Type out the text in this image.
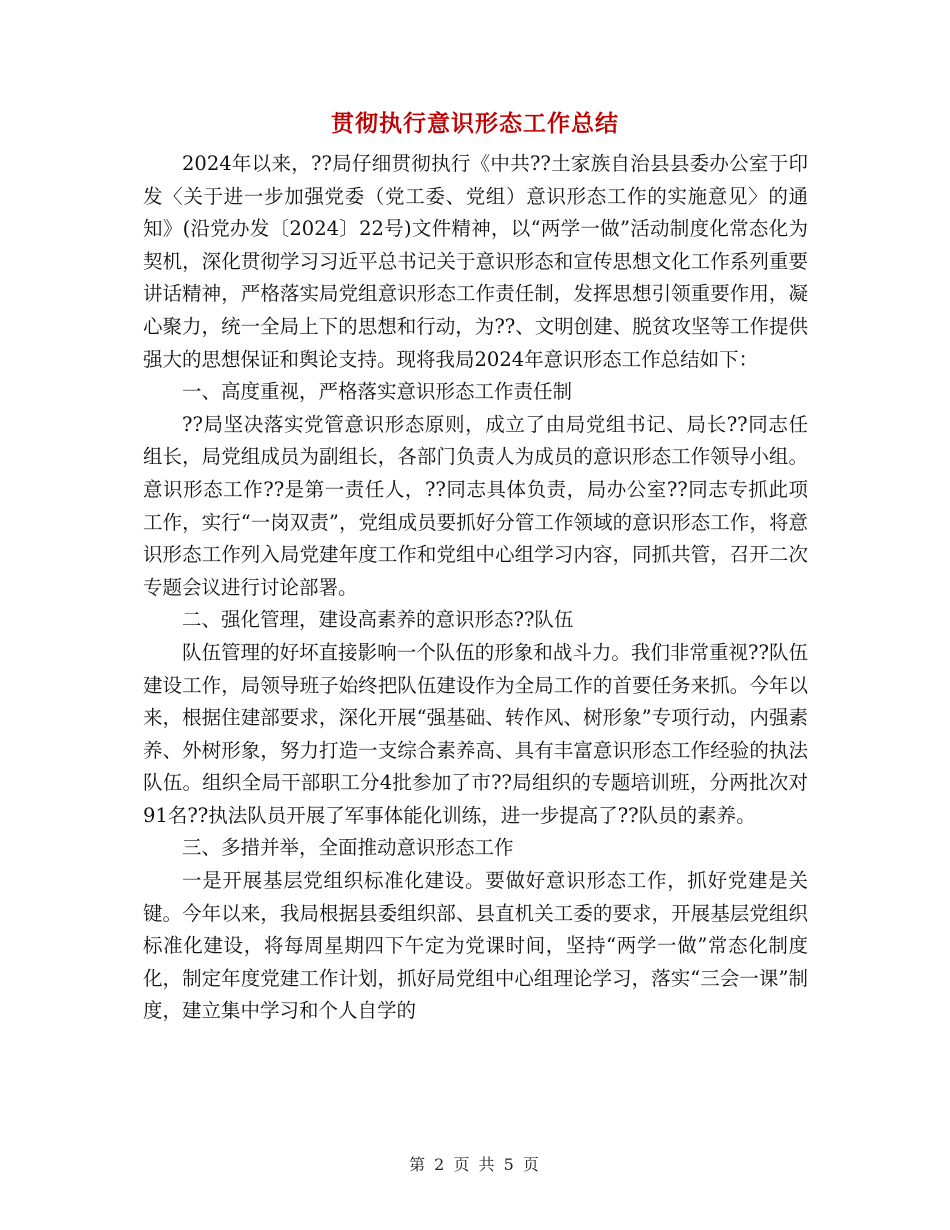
贯彻执行意识形态工作总结

2024年以来，??局仔细贯彻执行《中共??土家族自治县县委办公室于印发〈关于进一步加强党委（党工委、党组）意识形态工作的实施意见〉的通知》(沿党办发〔2024〕22号)文件精神，以“两学一做”活动制度化常态化为契机，深化贯彻学习习近平总书记关于意识形态和宣传思想文化工作系列重要讲话精神，严格落实局党组意识形态工作责任制，发挥思想引领重要作用，凝心聚力，统一全局上下的思想和行动，为??、文明创建、脱贫攻坚等工作提供强大的思想保证和舆论支持。现将我局2024年意识形态工作总结如下：

一、高度重视，严格落实意识形态工作责任制

??局坚决落实党管意识形态原则，成立了由局党组书记、局长??同志任组长，局党组成员为副组长，各部门负责人为成员的意识形态工作领导小组。意识形态工作??是第一责任人，??同志具体负责，局办公室??同志专抓此项工作，实行“一岗双责”，党组成员要抓好分管工作领域的意识形态工作，将意识形态工作列入局党建年度工作和党组中心组学习内容，同抓共管，召开二次专题会议进行讨论部署。

二、强化管理，建设高素养的意识形态??队伍

队伍管理的好坏直接影响一个队伍的形象和战斗力。我们非常重视??队伍建设工作，局领导班子始终把队伍建设作为全局工作的首要任务来抓。今年以来，根据住建部要求，深化开展“强基础、转作风、树形象”专项行动，内强素养、外树形象，努力打造一支综合素养高、具有丰富意识形态工作经验的执法队伍。组织全局干部职工分4批参加了市??局组织的专题培训班，分两批次对91名??执法队员开展了军事体能化训练，进一步提高了??队员的素养。

三、多措并举，全面推动意识形态工作

一是开展基层党组织标准化建设。要做好意识形态工作，抓好党建是关键。今年以来，我局根据县委组织部、县直机关工委的要求，开展基层党组织标准化建设，将每周星期四下午定为党课时间，坚持“两学一做”常态化制度化，制定年度党建工作计划，抓好局党组中心组理论学习，落实“三会一课”制度，建立集中学习和个人自学的

第 2 页 共 5 页
